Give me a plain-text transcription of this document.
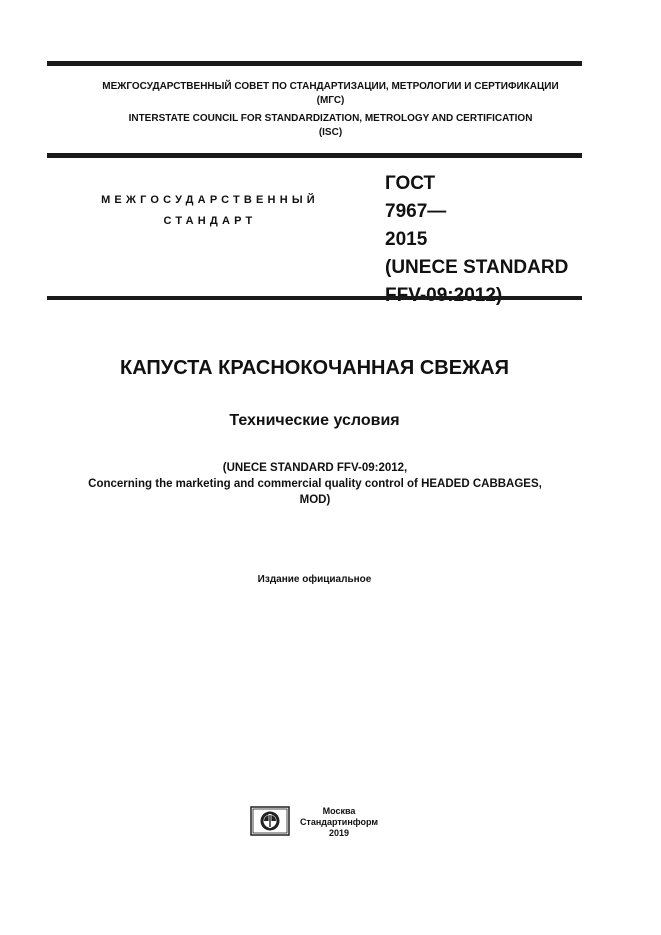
МЕЖГОСУДАРСТВЕННЫЙ СОВЕТ ПО СТАНДАРТИЗАЦИИ, МЕТРОЛОГИИ И СЕРТИФИКАЦИИ
(МГС)
INTERSTATE COUNCIL FOR STANDARDIZATION, METROLOGY AND CERTIFICATION
(ISC)
МЕЖГОСУДАРСТВЕННЫЙ
СТАНДАРТ
ГОСТ
7967—
2015
(UNECE STANDARD
КАПУСТА КРАСНОКОЧАННАЯ СВЕЖАЯ
Технические условия
(UNECE STANDARD FFV-09:2012,
Concerning the marketing and commercial quality control of HEADED CABBAGES,
MOD)
Издание официальное
Москва
Стандартинформ
2019
